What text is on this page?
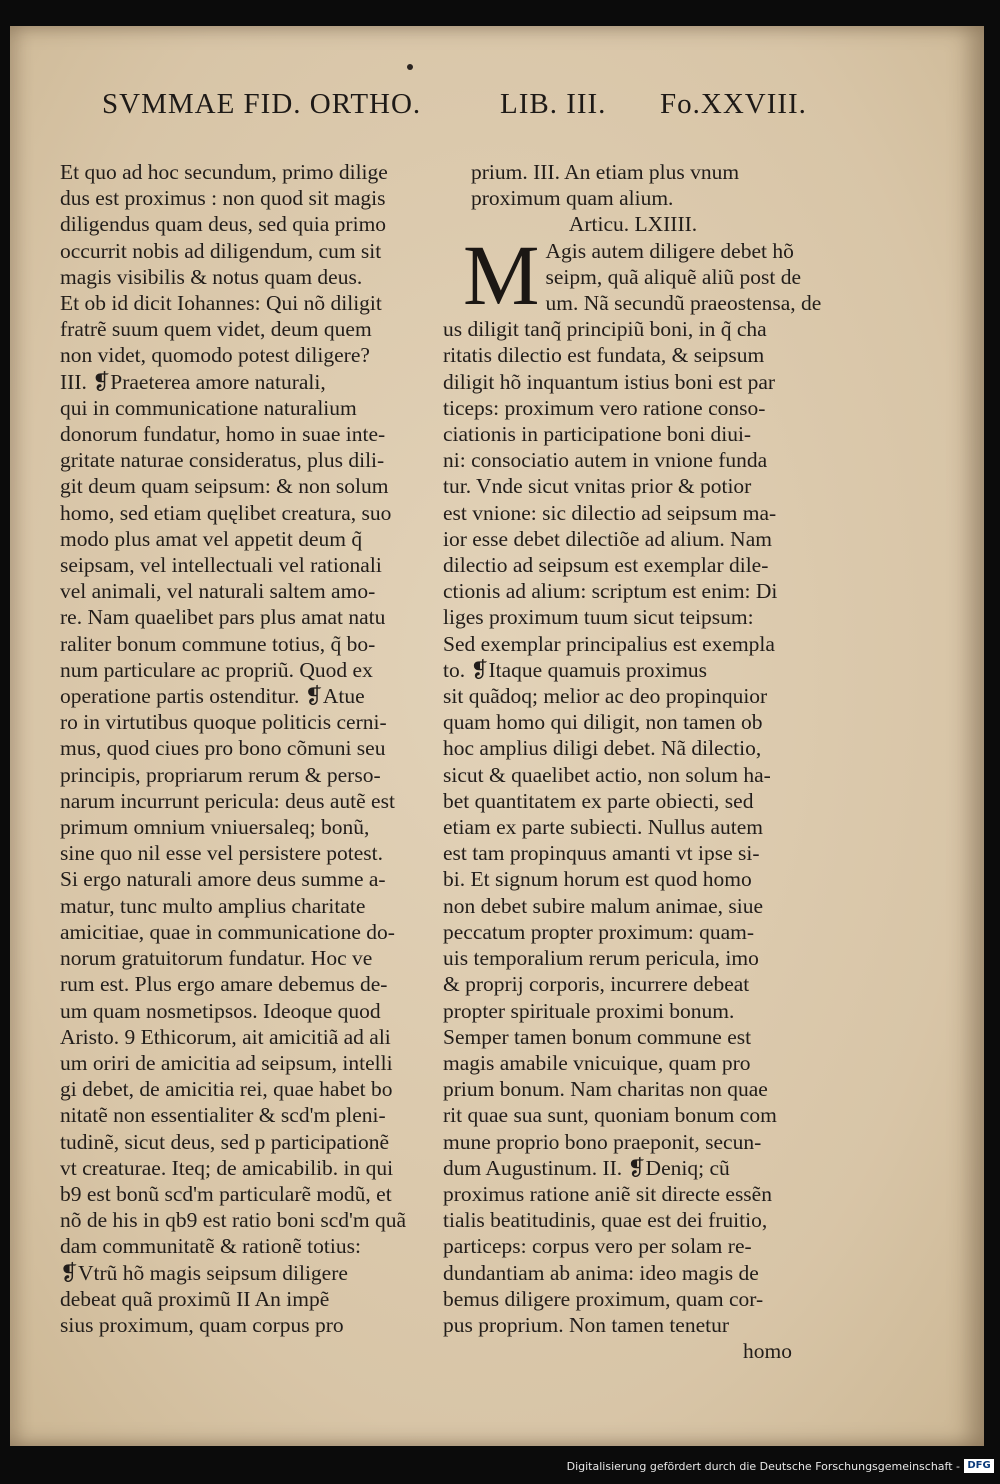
SVMMAE FID. ORTHO.	LIB. III. Fo.XXVIII.

Et quo ad hoc secundum, primo dilige

dus est proximus : non quod sit magis

diligendus quam deus, sed quia primo

occurrit nobis ad diligendum, cum sit

magis visibilis & notus quam deus.

Et ob id dicit Iohannes: Qui nõ diligit

fratrẽ suum quem videt, deum quem

non videt, quomodo potest diligere?

III. ❡Praeterea amore naturali,

qui in communicatione naturalium

donorum fundatur, homo in suae inte-

gritate naturae consideratus, plus dili-

git deum quam seipsum: & non solum

homo, sed etiam quęlibet creatura, suo

modo plus amat vel appetit deum q̃

seipsam, vel intellectuali vel rationali

vel animali, vel naturali saltem amo-

re. Nam quaelibet pars plus amat natu

raliter bonum commune totius, q̃ bo-

num particulare ac propriũ. Quod ex

operatione partis ostenditur. ❡Atue

ro in virtutibus quoque politicis cerni-

mus, quod ciues pro bono cõmuni seu

principis, propriarum rerum & perso-

narum incurrunt pericula: deus autẽ est

primum omnium vniuersaleq; bonũ,

sine quo nil esse vel persistere potest.

Si ergo naturali amore deus summe a-

matur, tunc multo amplius charitate

amicitiae, quae in communicatione do-

norum gratuitorum fundatur. Hoc ve

rum est. Plus ergo amare debemus de-

um quam nosmetipsos. Ideoque quod

Aristo. 9 Ethicorum, ait amicitiã ad ali

um oriri de amicitia ad seipsum, intelli

gi debet, de amicitia rei, quae habet bo

nitatẽ non essentialiter & scd'm pleni-

tudinẽ, sicut deus, sed p participationẽ

vt creaturae. Iteq; de amicabilib. in qui

b9 est bonũ scd'm particularẽ modũ, et

nõ de his in qb9 est ratio boni scd'm quã

dam communitatẽ & rationẽ totius:

❡Vtrũ hõ magis seipsum diligere

debeat quã proximũ II An impẽ

sius proximum, quam corpus pro

prium. III. An etiam plus vnum

proximum quam alium.

Articu. LXIIII.

M Agis autem diligere debet hõ

seipm, quã aliquẽ aliũ post de

um. Nã secundũ praeostensa, de

us diligit tanq̃ principiũ boni, in q̃ cha

ritatis dilectio est fundata, & seipsum

diligit hõ inquantum istius boni est par

ticeps: proximum vero ratione conso-

ciationis in participatione boni diui-

ni: consociatio autem in vnione funda

tur. Vnde sicut vnitas prior & potior

est vnione: sic dilectio ad seipsum ma-

ior esse debet dilectiõe ad alium. Nam

dilectio ad seipsum est exemplar dile-

ctionis ad alium: scriptum est enim: Di

liges proximum tuum sicut teipsum:

Sed exemplar principalius est exempla

to. ❡Itaque quamuis proximus

sit quãdoq; melior ac deo propinquior

quam homo qui diligit, non tamen ob

hoc amplius diligi debet. Nã dilectio,

sicut & quaelibet actio, non solum ha-

bet quantitatem ex parte obiecti, sed

etiam ex parte subiecti. Nullus autem

est tam propinquus amanti vt ipse si-

bi. Et signum horum est quod homo

non debet subire malum animae, siue

peccatum propter proximum: quam-

uis temporalium rerum pericula, imo

& proprij corporis, incurrere debeat

propter spirituale proximi bonum.

Semper tamen bonum commune est

magis amabile vnicuique, quam pro

prium bonum. Nam charitas non quae

rit quae sua sunt, quoniam bonum com

mune proprio bono praeponit, secun-

dum Augustinum. II. ❡Deniq; cũ

proximus ratione aniẽ sit directe essẽn

tialis beatitudinis, quae est dei fruitio,

particeps: corpus vero per solam re-

dundantiam ab anima: ideo magis de

bemus diligere proximum, quam cor-

pus proprium. Non tamen tenetur

homo

Digitalisierung gefördert durch die Deutsche Forschungsgemeinschaft - DFG
